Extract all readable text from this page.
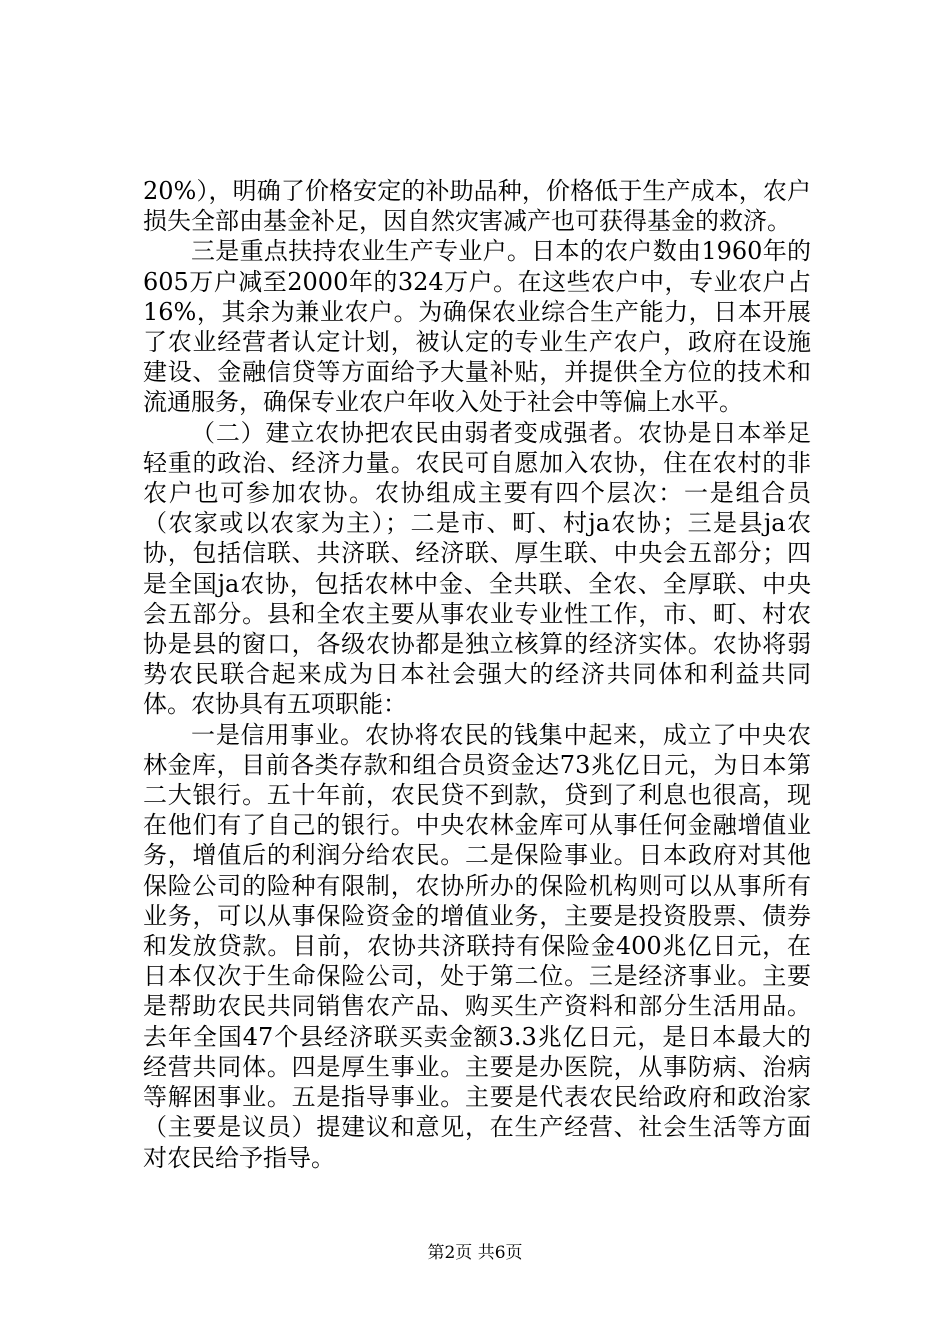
20%），明确了价格安定的补助品种，价格低于生产成本，农户损失全部由基金补足，因自然灾害减产也可获得基金的救济。

三是重点扶持农业生产专业户。日本的农户数由1960年的605万户减至2000年的324万户。在这些农户中，专业农户占16%，其余为兼业农户。为确保农业综合生产能力，日本开展了农业经营者认定计划，被认定的专业生产农户，政府在设施建设、金融信贷等方面给予大量补贴，并提供全方位的技术和流通服务，确保专业农户年收入处于社会中等偏上水平。

（二）建立农协把农民由弱者变成强者。农协是日本举足轻重的政治、经济力量。农民可自愿加入农协，住在农村的非农户也可参加农协。农协组成主要有四个层次：一是组合员（农家或以农家为主）；二是市、町、村ja农协；三是县ja农协，包括信联、共济联、经济联、厚生联、中央会五部分；四是全国ja农协，包括农林中金、全共联、全农、全厚联、中央会五部分。县和全农主要从事农业专业性工作，市、町、村农协是县的窗口，各级农协都是独立核算的经济实体。农协将弱势农民联合起来成为日本社会强大的经济共同体和利益共同体。农协具有五项职能：

一是信用事业。农协将农民的钱集中起来，成立了中央农林金库，目前各类存款和组合员资金达73兆亿日元，为日本第二大银行。五十年前，农民贷不到款，贷到了利息也很高，现在他们有了自己的银行。中央农林金库可从事任何金融增值业务，增值后的利润分给农民。二是保险事业。日本政府对其他保险公司的险种有限制，农协所办的保险机构则可以从事所有业务，可以从事保险资金的增值业务，主要是投资股票、债券和发放贷款。目前，农协共济联持有保险金400兆亿日元，在日本仅次于生命保险公司，处于第二位。三是经济事业。主要是帮助农民共同销售农产品、购买生产资料和部分生活用品。去年全国47个县经济联买卖金额3.3兆亿日元，是日本最大的经营共同体。四是厚生事业。主要是办医院，从事防病、治病等解困事业。五是指导事业。主要是代表农民给政府和政治家（主要是议员）提建议和意见，在生产经营、社会生活等方面对农民给予指导。

第2页 共6页
